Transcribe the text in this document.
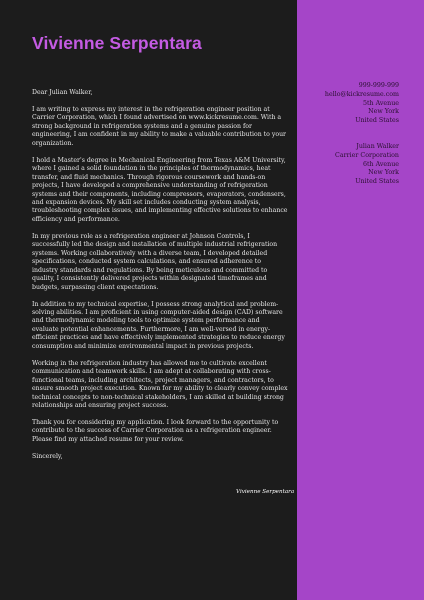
Vivienne Serpentara
999-999-999
hello@kickresume.com
5th Avenue
New York
United States
Julian Walker
Carrier Corporation
6th Avenue
New York
United States

Dear Julian Walker,

I am writing to express my interest in the refrigeration engineer position at Carrier Corporation, which I found advertised on www.kickresume.com. With a strong background in refrigeration systems and a genuine passion for engineering, I am confident in my ability to make a valuable contribution to your organization.

I hold a Master's degree in Mechanical Engineering from Texas A&M University, where I gained a solid foundation in the principles of thermodynamics, heat transfer, and fluid mechanics. Through rigorous coursework and hands-on projects, I have developed a comprehensive understanding of refrigeration systems and their components, including compressors, evaporators, condensers, and expansion devices. My skill set includes conducting system analysis, troubleshooting complex issues, and implementing effective solutions to enhance efficiency and performance.

In my previous role as a refrigeration engineer at Johnson Controls, I successfully led the design and installation of multiple industrial refrigeration systems. Working collaboratively with a diverse team, I developed detailed specifications, conducted system calculations, and ensured adherence to industry standards and regulations. By being meticulous and committed to quality, I consistently delivered projects within designated timeframes and budgets, surpassing client expectations.

In addition to my technical expertise, I possess strong analytical and problem-solving abilities. I am proficient in using computer-aided design (CAD) software and thermodynamic modeling tools to optimize system performance and evaluate potential enhancements. Furthermore, I am well-versed in energy-efficient practices and have effectively implemented strategies to reduce energy consumption and minimize environmental impact in previous projects.

Working in the refrigeration industry has allowed me to cultivate excellent communication and teamwork skills. I am adept at collaborating with cross-functional teams, including architects, project managers, and contractors, to ensure smooth project execution. Known for my ability to clearly convey complex technical concepts to non-technical stakeholders, I am skilled at building strong relationships and ensuring project success.

Thank you for considering my application. I look forward to the opportunity to contribute to the success of Carrier Corporation as a refrigeration engineer. Please find my attached resume for your review.

Sincerely,

Vivienne Serpentara
